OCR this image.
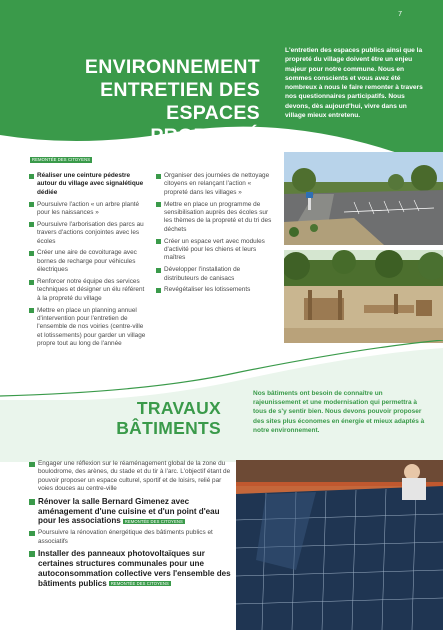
7
ENVIRONNEMENT
ENTRETIEN DES ESPACES
PROPRETÉ

L'entretien des espaces publics ainsi que la propreté du village doivent être un enjeu majeur pour notre commune. Nous en sommes conscients et vous avez été nombreux à nous le faire remonter à travers nos questionnaires participatifs. Nous devons, dès aujourd'hui, vivre dans un village mieux entretenu.

REMONTÉE DES CITOYENS
Réaliser une ceinture pédestre autour du village avec signalétique dédiée
Poursuivre l'action « un arbre planté pour les naissances »
Poursuivre l'arborisation des parcs au travers d'actions conjointes avec les écoles
Créer une aire de covoiturage avec bornes de recharge pour véhicules électriques
Renforcer notre équipe des services techniques et désigner un élu référent à la propreté du village
Mettre en place un planning annuel d'intervention pour l'entretien de l'ensemble de nos voiries (centre-ville et lotissements) pour garder un village propre tout au long de l'année
Organiser des journées de nettoyage citoyens en relançant l'action « propreté dans les villages »
Mettre en place un programme de sensibilisation auprès des écoles sur les thèmes de la propreté et du tri des déchets
Créer un espace vert avec modules d'activité pour les chiens et leurs maîtres
Développer l'installation de distributeurs de canisacs
Revégétaliser les lotissements
TRAVAUX
BÂTIMENTS

Nos bâtiments ont besoin de connaître un rajeunissement et une modernisation qui permettra à tous de s'y sentir bien. Nous devons pouvoir proposer des sites plus économes en énergie et mieux adaptés à notre environnement.

Engager une réflexion sur le réaménagement global de la zone du boulodrome, des arènes, du stade et du tir à l'arc. L'objectif étant de pouvoir proposer un espace culturel, sportif et de loisirs, relié par voies douces au centre-ville
Rénover la salle Bernard Gimenez avec aménagement d'une cuisine et d'un point d'eau pour les associations REMONTÉE DES CITOYENS
Poursuivre la rénovation énergétique des bâtiments publics et associatifs
Installer des panneaux photovoltaïques sur certaines structures communales pour une autoconsommation collective vers l'ensemble des bâtiments publics REMONTÉE DES CITOYENS
